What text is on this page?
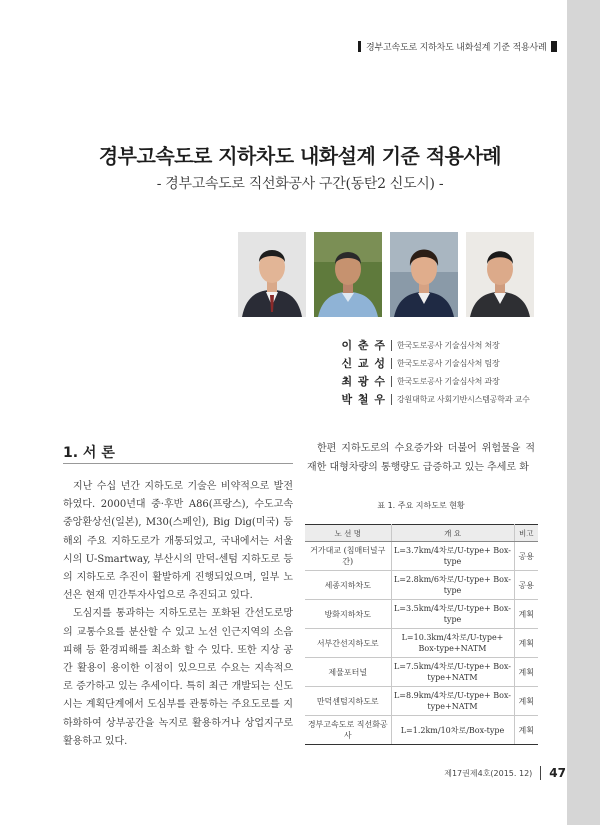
경부고속도로 지하차도 내화설계 기준 적용사례
경부고속도로 지하차도 내화설계 기준 적용사례
- 경부고속도로 직선화공사 구간(동탄2 신도시) -
이 춘 주 한국도로공사 기술심사처 처장
신 교 성 한국도로공사 기술심사처 팀장
최 광 수 한국도로공사 기술심사처 과장
박 철 우 강원대학교 사회기반시스템공학과 교수
1. 서 론

지난 수십 년간 지하도로 기술은 비약적으로 발전하였다. 2000년대 중·후반 A86(프랑스), 수도고속 중앙환상선(일본), M30(스페인), Big Dig(미국) 등 해외 주요 지하도로가 개통되었고, 국내에서는 서울시의 U-Smartway, 부산시의 만덕-센텀 지하도로 등의 지하도로 추진이 활발하게 진행되었으며, 일부 노선은 현재 민간투자사업으로 추진되고 있다.

도심지를 통과하는 지하도로는 포화된 간선도로망의 교통수요를 분산할 수 있고 노선 인근지역의 소음피해 등 환경피해를 최소화 할 수 있다. 또한 지상 공간 활용이 용이한 이점이 있으므로 수요는 지속적으로 증가하고 있는 추세이다. 특히 최근 개발되는 신도시는 계획단계에서 도심부를 관통하는 주요도로를 지하화하여 상부공간을 녹지로 활용하거나 상업지구로 활용하고 있다.

한편 지하도로의 수요증가와 더불어 위험물을 적재한 대형차량의 통행량도 급증하고 있는 추세로 화

표 1. 주요 지하도로 현황
노 선 명	개 요	비고
거가대교 (침매터널구간)	L=3.7km/4차로/U-type+ Box-type	공용
세종지하차도	L=2.8km/6차로/U-type+ Box-type	공용
방화지하차도	L=3.5km/4차로/U-type+ Box-type	계획
서부간선지하도로	L=10.3km/4차로/U-type+ Box-type+NATM	계획
제물포터널	L=7.5km/4차로/U-type+ Box-type+NATM	계획
만덕센텀지하도로	L=8.9km/4차로/U-type+ Box-type+NATM	계획
경부고속도로 직선화공사	L=1.2km/10차로/Box-type	계획
제17권제4호(2015. 12) 47
